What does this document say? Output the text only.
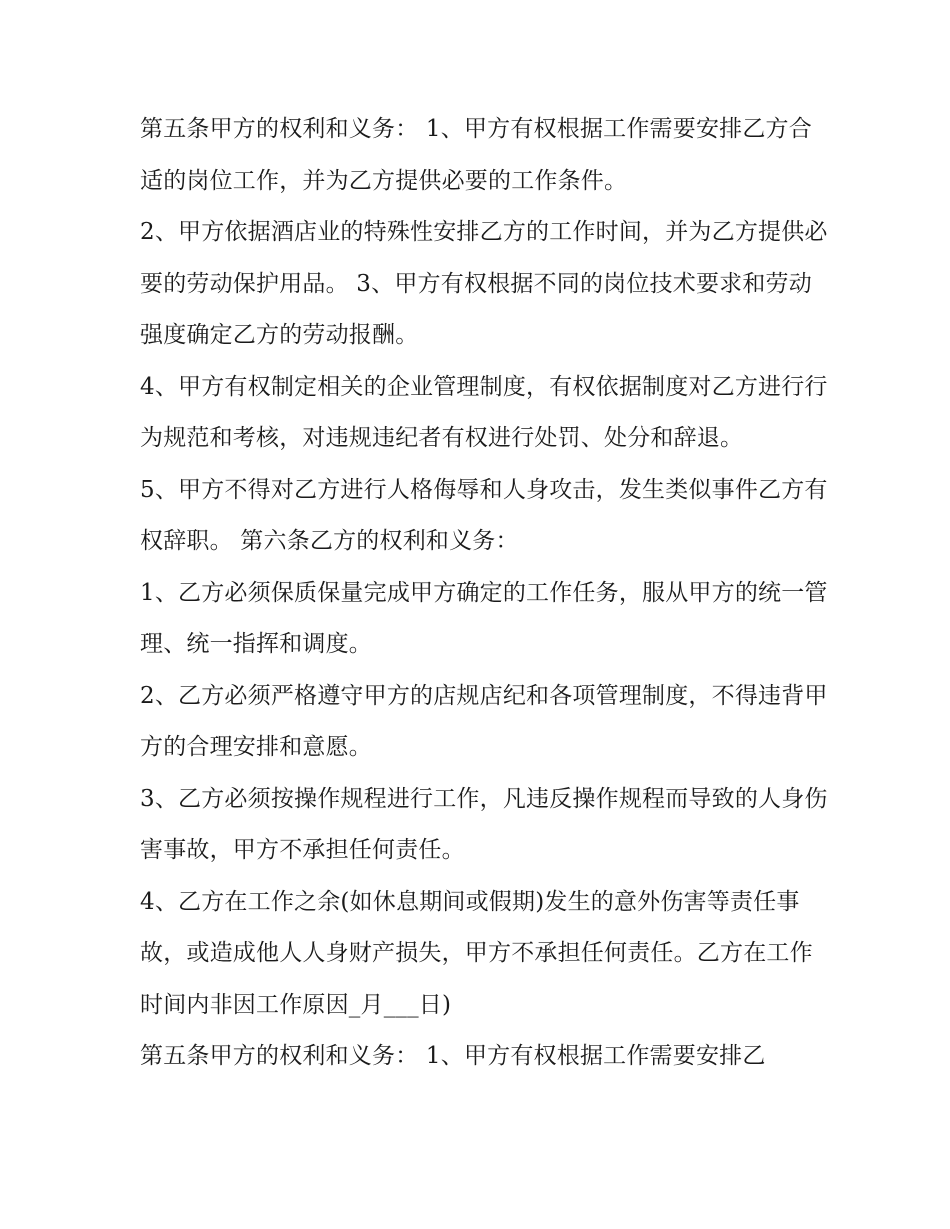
第五条甲方的权利和义务： 1、甲方有权根据工作需要安排乙方合适的岗位工作，并为乙方提供必要的工作条件。

2、甲方依据酒店业的特殊性安排乙方的工作时间，并为乙方提供必要的劳动保护用品。 3、甲方有权根据不同的岗位技术要求和劳动强度确定乙方的劳动报酬。

4、甲方有权制定相关的企业管理制度，有权依据制度对乙方进行行为规范和考核，对违规违纪者有权进行处罚、处分和辞退。

5、甲方不得对乙方进行人格侮辱和人身攻击，发生类似事件乙方有权辞职。 第六条乙方的权利和义务：

1、乙方必须保质保量完成甲方确定的工作任务，服从甲方的统一管理、统一指挥和调度。

2、乙方必须严格遵守甲方的店规店纪和各项管理制度，不得违背甲方的合理安排和意愿。

3、乙方必须按操作规程进行工作，凡违反操作规程而导致的人身伤害事故，甲方不承担任何责任。

4、乙方在工作之余(如休息期间或假期)发生的意外伤害等责任事故，或造成他人人身财产损失，甲方不承担任何责任。乙方在工作时间内非因工作原因_月___日)

第五条甲方的权利和义务： 1、甲方有权根据工作需要安排乙
